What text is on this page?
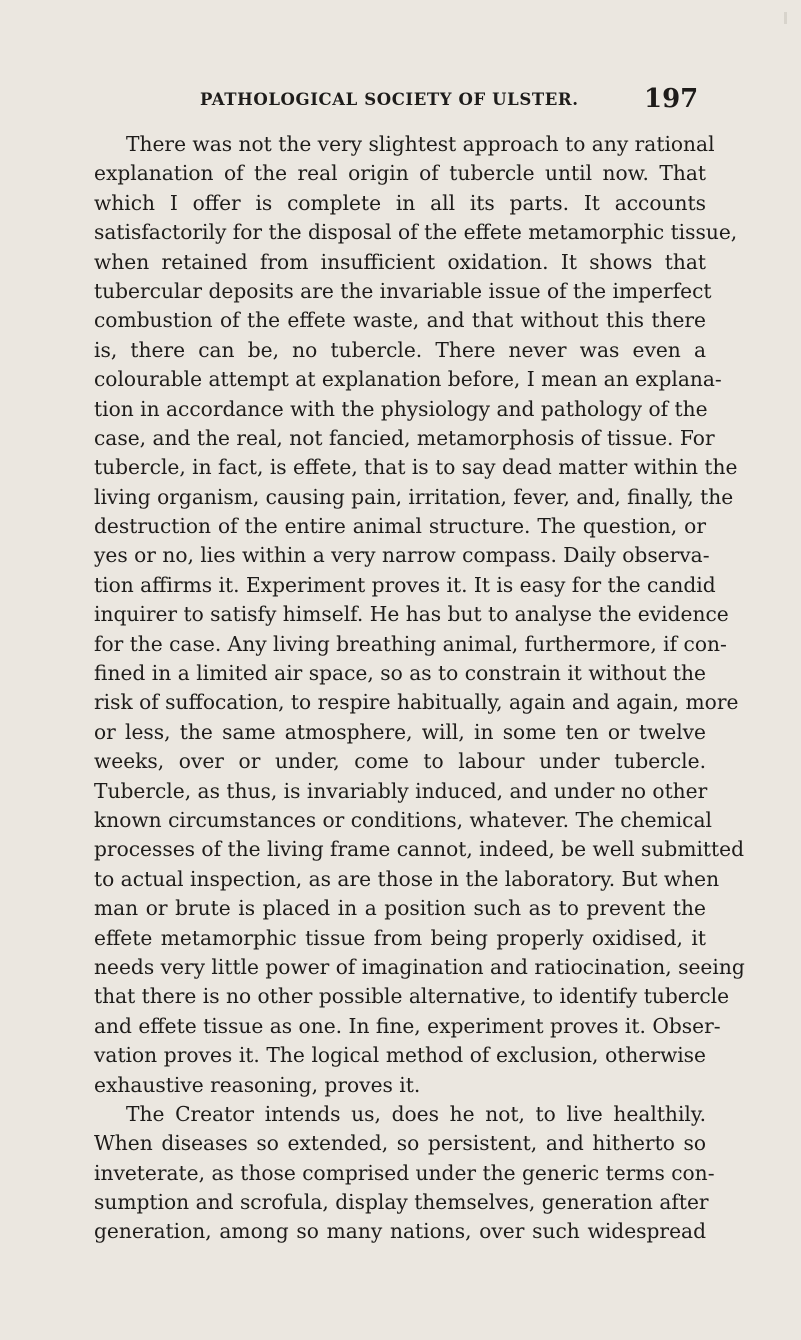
PATHOLOGICAL SOCIETY OF ULSTER.	197
There was not the very slightest approach to any rational
explanation of the real origin of tubercle until now. That
which I offer is complete in all its parts. It accounts
satisfactorily for the disposal of the effete metamorphic tissue,
when retained from insufficient oxidation. It shows that
tubercular deposits are the invariable issue of the imperfect
combustion of the effete waste, and that without this there
is, there can be, no tubercle. There never was even a
colourable attempt at explanation before, I mean an explana-
tion in accordance with the physiology and pathology of the
case, and the real, not fancied, metamorphosis of tissue. For
tubercle, in fact, is effete, that is to say dead matter within the
living organism, causing pain, irritation, fever, and, finally, the
destruction of the entire animal structure. The question, or
yes or no, lies within a very narrow compass. Daily observa-
tion affirms it. Experiment proves it. It is easy for the candid
inquirer to satisfy himself. He has but to analyse the evidence
for the case. Any living breathing animal, furthermore, if con-
fined in a limited air space, so as to constrain it without the
risk of suffocation, to respire habitually, again and again, more
or less, the same atmosphere, will, in some ten or twelve
weeks, over or under, come to labour under tubercle.
Tubercle, as thus, is invariably induced, and under no other
known circumstances or conditions, whatever. The chemical
processes of the living frame cannot, indeed, be well submitted
to actual inspection, as are those in the laboratory. But when
man or brute is placed in a position such as to prevent the
effete metamorphic tissue from being properly oxidised, it
needs very little power of imagination and ratiocination, seeing
that there is no other possible alternative, to identify tubercle
and effete tissue as one. In fine, experiment proves it. Obser-
vation proves it. The logical method of exclusion, otherwise
exhaustive reasoning, proves it.
The Creator intends us, does he not, to live healthily.
When diseases so extended, so persistent, and hitherto so
inveterate, as those comprised under the generic terms con-
sumption and scrofula, display themselves, generation after
generation, among so many nations, over such widespread
